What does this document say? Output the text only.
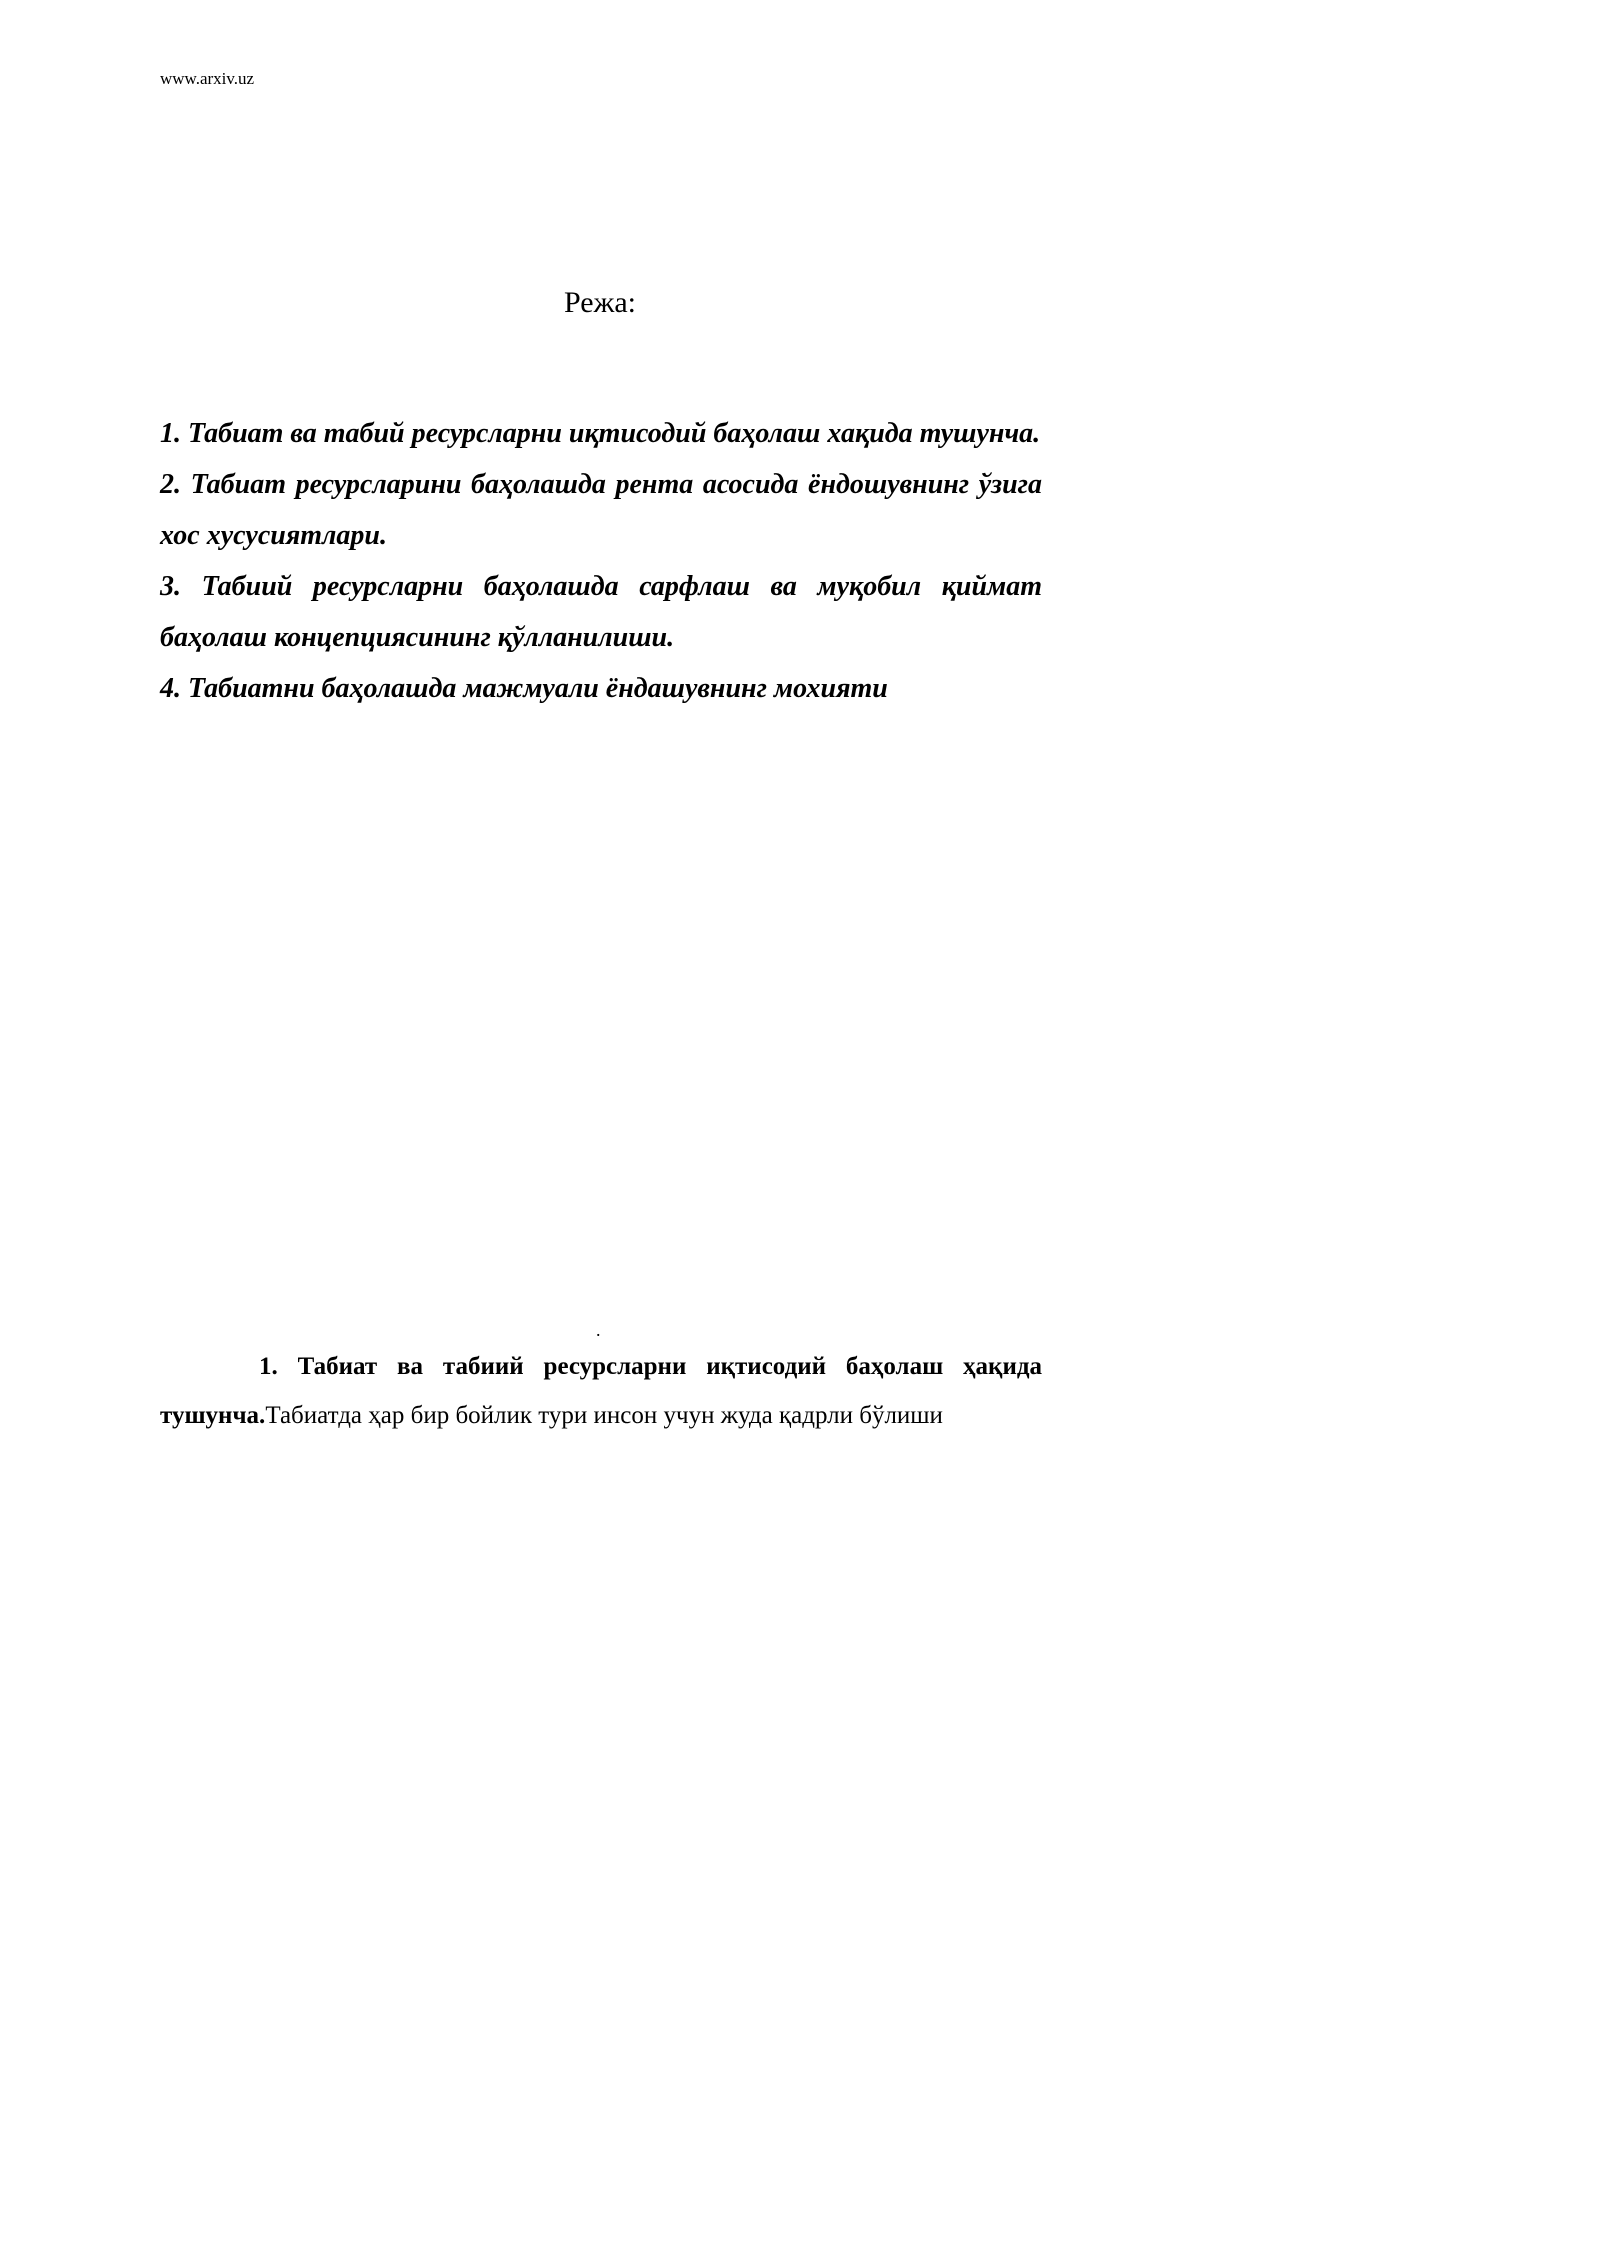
www.arxiv.uz
Режа:
1. Табиат ва табий ресурсларни иқтисодий баҳолаш хақида тушунча.
2. Табиат ресурсларини баҳолашда рента асосида ёндошувнинг ўзига хос хусусиятлари.
3. Табиий ресурсларни баҳолашда сарфлаш ва муқобил қиймат баҳолаш концепциясининг қўлланилиши.
4. Табиатни баҳолашда мажмуали ёндашувнинг мохияти
.

1. Табиат ва табиий ресурсларни иқтисодий баҳолаш ҳақида тушунча.Табиатда ҳар бир бойлик тури инсон учун жуда қадрли бўлиши
